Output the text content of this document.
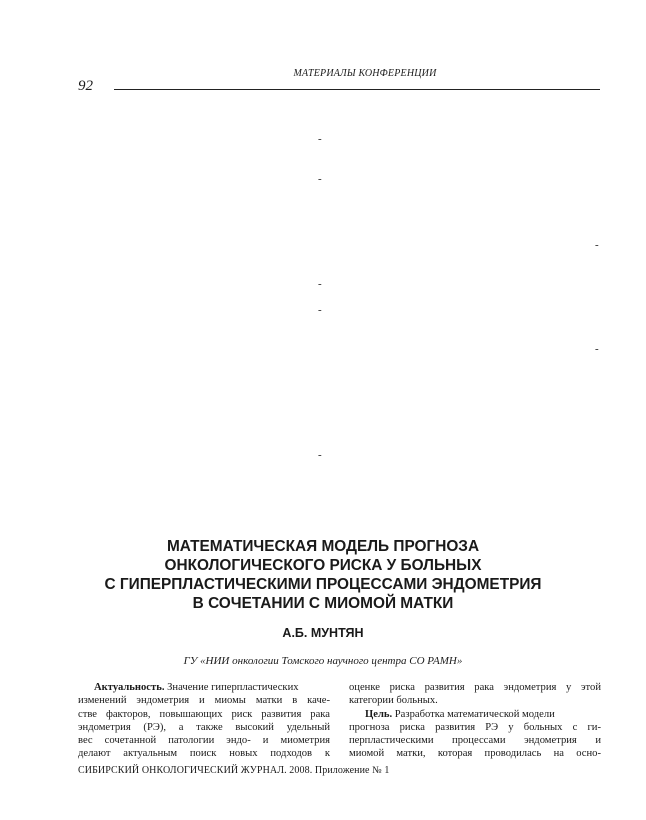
МАТЕРИАЛЫ КОНФЕРЕНЦИИ
92
-
-
-
-
-
-
-
МАТЕМАТИЧЕСКАЯ МОДЕЛЬ ПРОГНОЗА
ОНКОЛОГИЧЕСКОГО РИСКА У БОЛЬНЫХ
С ГИПЕРПЛАСТИЧЕСКИМИ ПРОЦЕССАМИ ЭНДОМЕТРИЯ
В СОЧЕТАНИИ С МИОМОЙ МАТКИ
А.Б. МУНТЯН
ГУ «НИИ онкологии Томского научного центра СО РАМН»
Актуальность. Значение гиперпластических
изменений эндометрия и миомы матки в каче-
стве факторов, повышающих риск развития рака
эндометрия (РЭ), а также высокий удельный
вес сочетанной патологии эндо- и миометрия
делают актуальным поиск новых подходов к
оценке риска развития рака эндометрия у этой
категории больных.
Цель. Разработка математической модели
прогноза риска развития РЭ у больных с ги-
перпластическими процессами эндометрия и
миомой матки, которая проводилась на осно-
СИБИРСКИЙ ОНКОЛОГИЧЕСКИЙ ЖУРНАЛ. 2008. Приложение № 1
